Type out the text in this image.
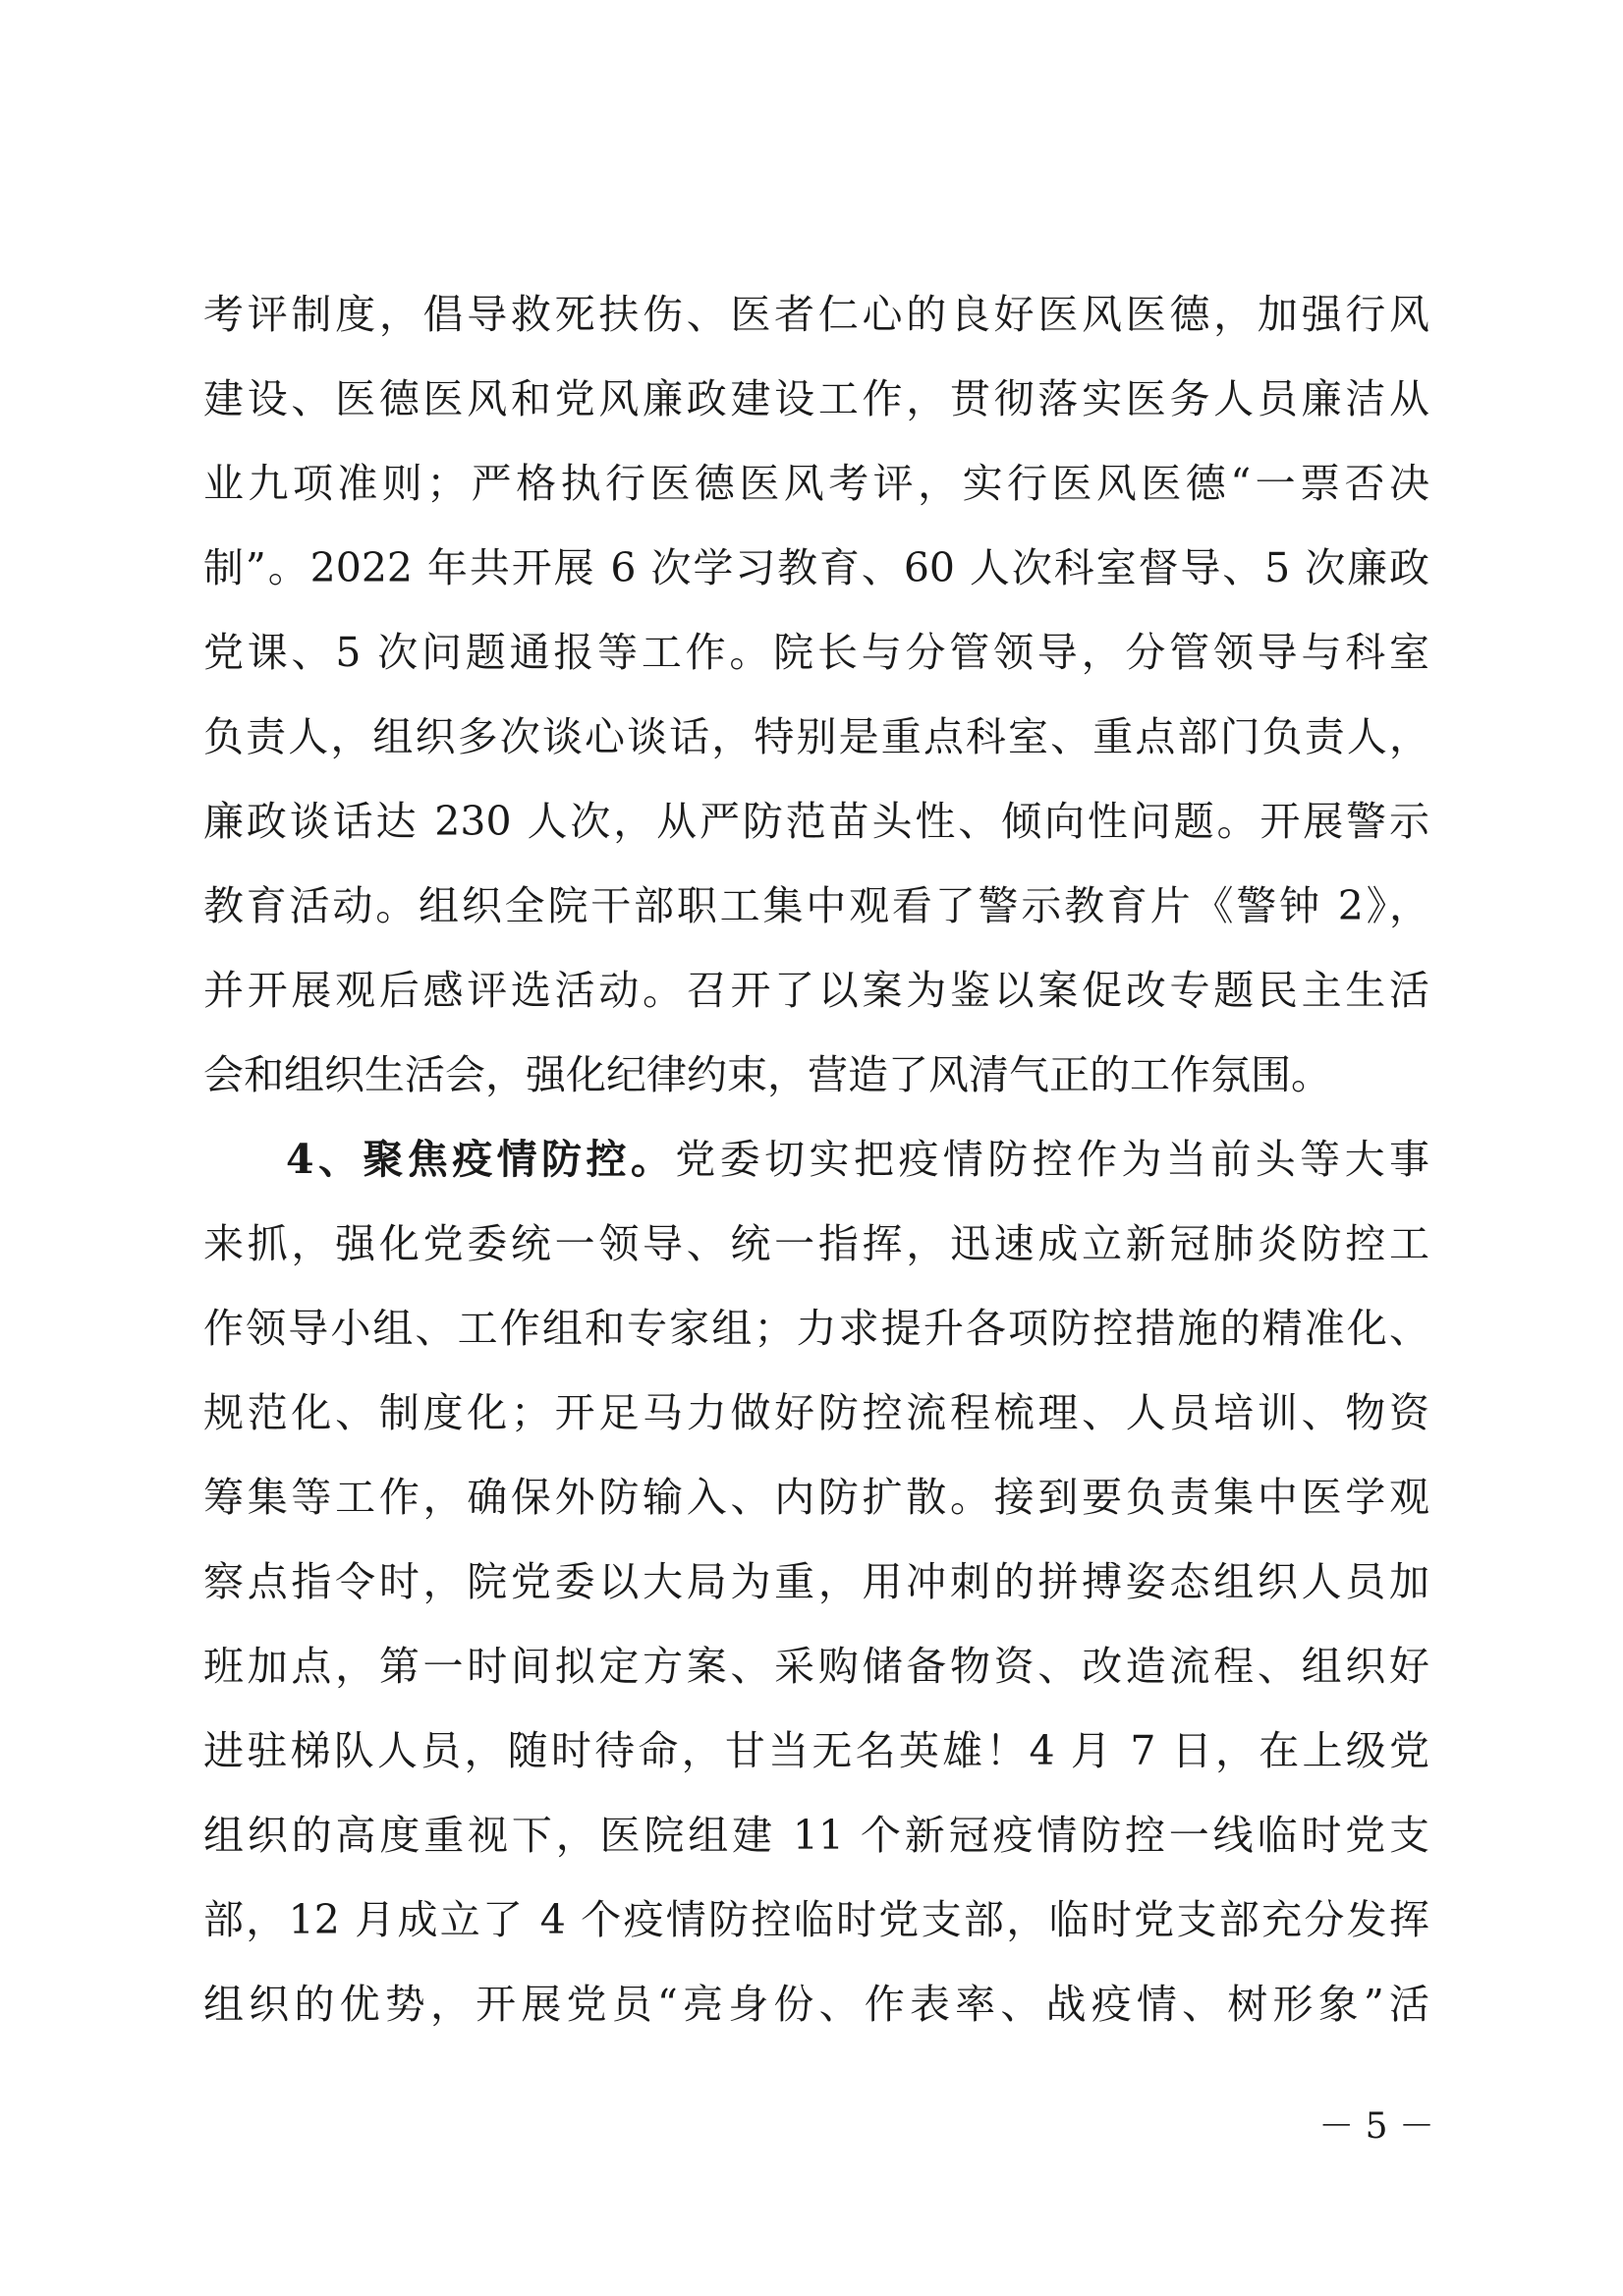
考评制度，倡导救死扶伤、医者仁心的良好医风医德，加强行风
建设、医德医风和党风廉政建设工作，贯彻落实医务人员廉洁从
业九项准则；严格执行医德医风考评，实行医风医德“一票否决
制”。2022 年共开展 6 次学习教育、60 人次科室督导、5 次廉政
党课、5 次问题通报等工作。院长与分管领导，分管领导与科室
负责人，组织多次谈心谈话，特别是重点科室、重点部门负责人，
廉政谈话达 230 人次，从严防范苗头性、倾向性问题。开展警示
教育活动。组织全院干部职工集中观看了警示教育片《警钟 2》，
并开展观后感评选活动。召开了以案为鉴以案促改专题民主生活
会和组织生活会，强化纪律约束，营造了风清气正的工作氛围。
4、聚焦疫情防控。党委切实把疫情防控作为当前头等大事
来抓，强化党委统一领导、统一指挥，迅速成立新冠肺炎防控工
作领导小组、工作组和专家组；力求提升各项防控措施的精准化、
规范化、制度化；开足马力做好防控流程梳理、人员培训、物资
筹集等工作，确保外防输入、内防扩散。接到要负责集中医学观
察点指令时，院党委以大局为重，用冲刺的拼搏姿态组织人员加
班加点，第一时间拟定方案、采购储备物资、改造流程、组织好
进驻梯队人员，随时待命，甘当无名英雄！4 月 7 日，在上级党
组织的高度重视下，医院组建 11 个新冠疫情防控一线临时党支
部，12 月成立了 4 个疫情防控临时党支部，临时党支部充分发挥
组织的优势，开展党员“亮身份、作表率、战疫情、树形象”活
－ 5 －
